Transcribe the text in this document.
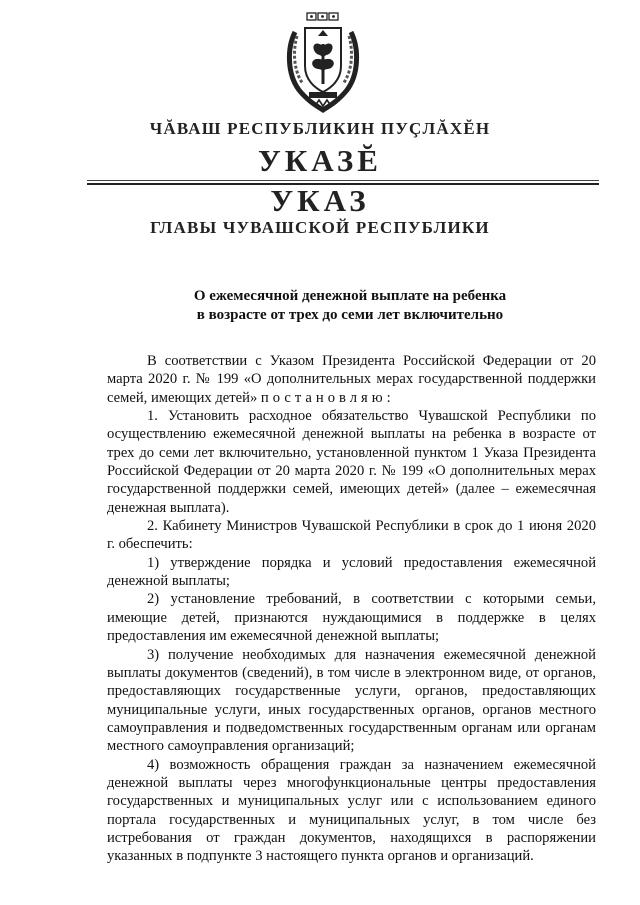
ЧĂВАШ РЕСПУБЛИКИН ПУÇЛĂХĔН
УКАЗĔ
УКАЗ
ГЛАВЫ ЧУВАШСКОЙ РЕСПУБЛИКИ
О ежемесячной денежной выплате на ребенка
в возрасте от трех до семи лет включительно

В соответствии с Указом Президента Российской Федерации от 20 марта 2020 г. № 199 «О дополнительных мерах государственной поддержки семей, имеющих детей» постановляю:

1. Установить расходное обязательство Чувашской Республики по осуществлению ежемесячной денежной выплаты на ребенка в возрасте от трех до семи лет включительно, установленной пунктом 1 Указа Президента Российской Федерации от 20 марта 2020 г. № 199 «О дополнительных мерах государственной поддержки семей, имеющих детей» (далее – ежемесячная денежная выплата).

2. Кабинету Министров Чувашской Республики в срок до 1 июня 2020 г. обеспечить:

1) утверждение порядка и условий предоставления ежемесячной денежной выплаты;

2) установление требований, в соответствии с которыми семьи, имеющие детей, признаются нуждающимися в поддержке в целях предоставления им ежемесячной денежной выплаты;

3) получение необходимых для назначения ежемесячной денежной выплаты документов (сведений), в том числе в электронном виде, от органов, предоставляющих государственные услуги, органов, предоставляющих муниципальные услуги, иных государственных органов, органов местного самоуправления и подведомственных государственным органам или органам местного самоуправления организаций;

4) возможность обращения граждан за назначением ежемесячной денежной выплаты через многофункциональные центры предоставления государственных и муниципальных услуг или с использованием единого портала государственных и муниципальных услуг, в том числе без истребования от граждан документов, находящихся в распоряжении указанных в подпункте 3 настоящего пункта органов и организаций.
